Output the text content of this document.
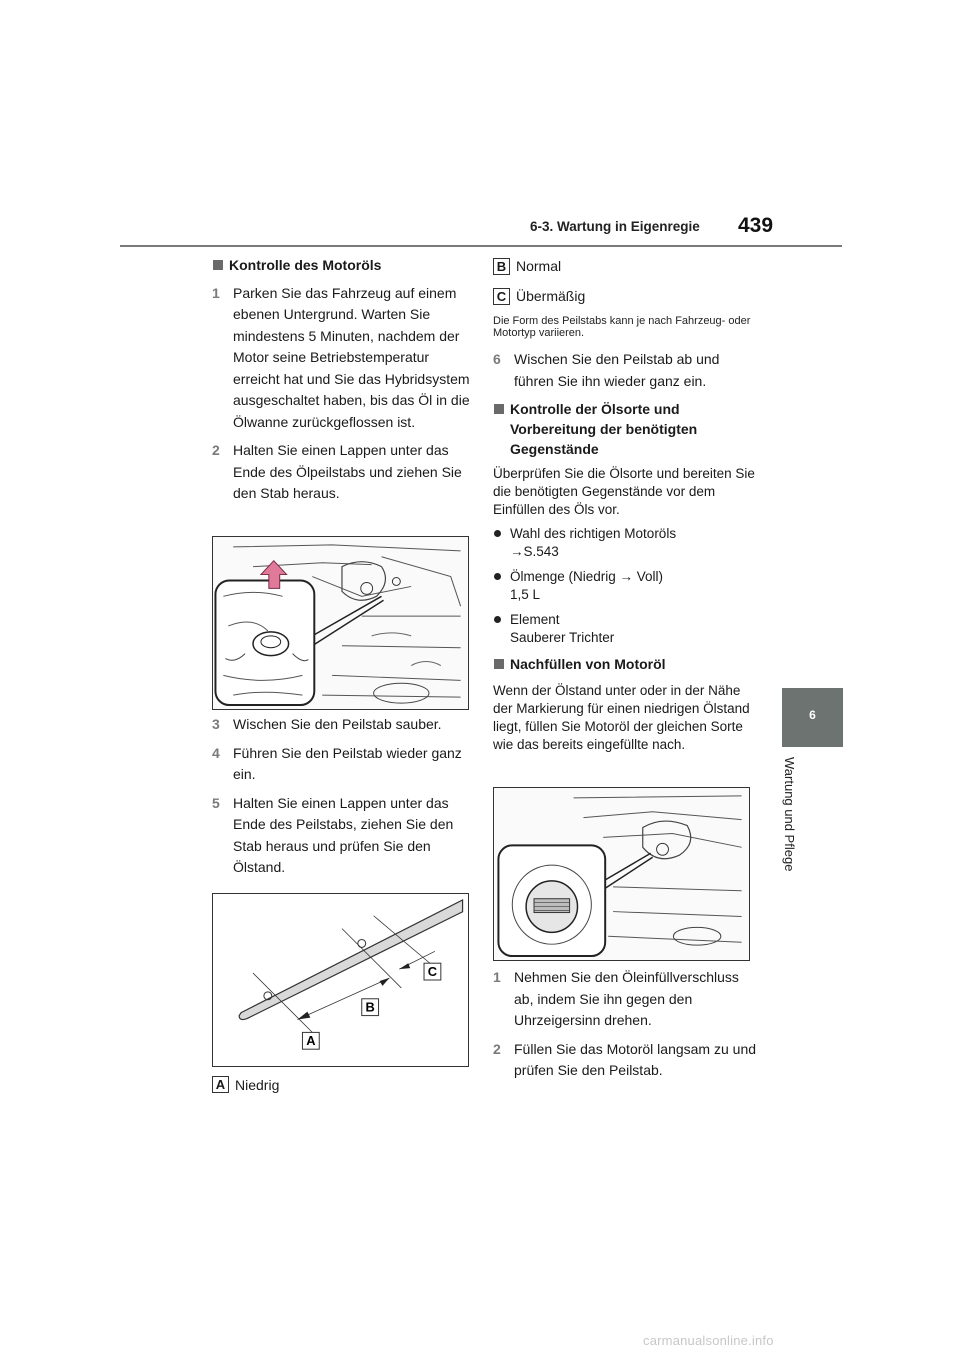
6-3. Wartung in Eigenregie 439
6
Wartung und Pflege
Kontrolle des Motoröls
1 Parken Sie das Fahrzeug auf einem ebenen Untergrund. Warten Sie mindestens 5 Minuten, nachdem der Motor seine Betriebstemperatur erreicht hat und Sie das Hybridsystem ausgeschaltet haben, bis das Öl in die Ölwanne zurückgeflossen ist.
2 Halten Sie einen Lappen unter das Ende des Ölpeilstabs und ziehen Sie den Stab heraus.
3 Wischen Sie den Peilstab sauber.
4 Führen Sie den Peilstab wieder ganz ein.
5 Halten Sie einen Lappen unter das Ende des Peilstabs, ziehen Sie den Stab heraus und prüfen Sie den Ölstand.
A
B
C
A Niedrig
B Normal
C Übermäßig
Die Form des Peilstabs kann je nach Fahrzeug- oder Motortyp variieren.
6 Wischen Sie den Peilstab ab und führen Sie ihn wieder ganz ein.
Kontrolle der Ölsorte und Vorbereitung der benötigten Gegenstände
Überprüfen Sie die Ölsorte und bereiten Sie die benötigten Gegenstände vor dem Einfüllen des Öls vor.
Wahl des richtigen Motoröls
→S.543
Ölmenge (Niedrig → Voll)
1,5 L
Element
Sauberer Trichter
Nachfüllen von Motoröl
Wenn der Ölstand unter oder in der Nähe der Markierung für einen niedrigen Ölstand liegt, füllen Sie Motoröl der gleichen Sorte wie das bereits eingefüllte nach.
1 Nehmen Sie den Öleinfüllverschluss ab, indem Sie ihn gegen den Uhrzeigersinn drehen.
2 Füllen Sie das Motoröl langsam zu und prüfen Sie den Peilstab.
carmanualsonline.info
